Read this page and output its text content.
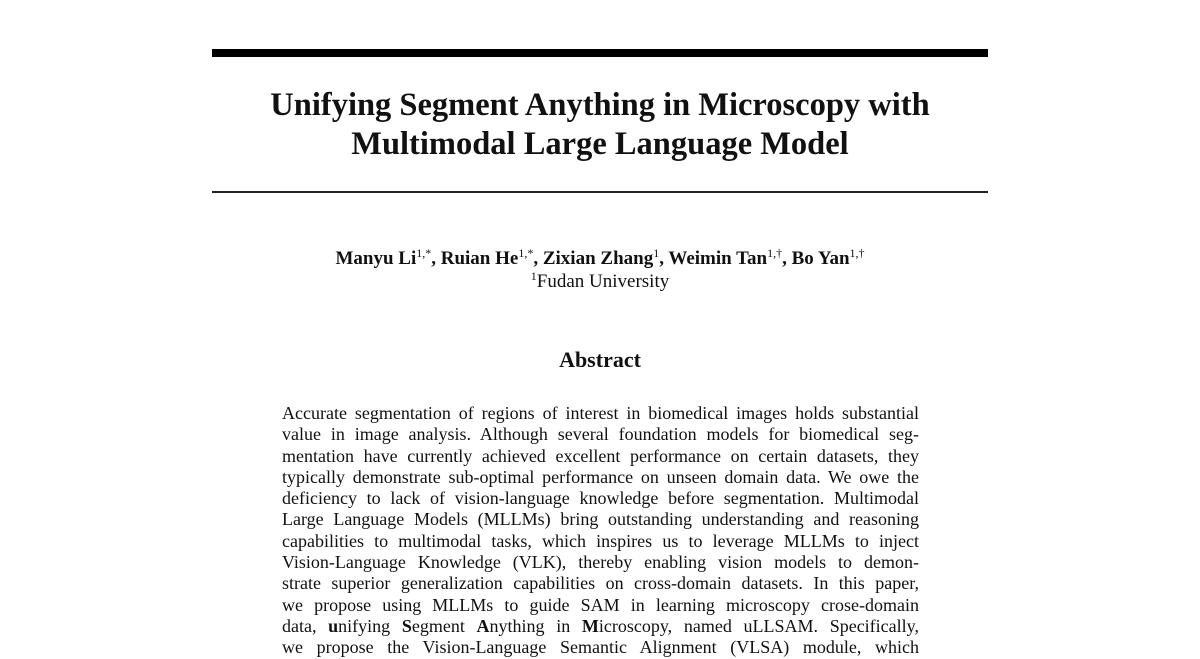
Unifying Segment Anything in Microscopy with
Multimodal Large Language Model
Manyu $Li^{1,*}$, Ruian $He^{1,*}$, Zixian Zhang$^1$, Weimin Tan$^{1,\dagger}$, Bo Yan$^{1,\dagger}$
$^1$Fudan University
Abstract
Accurate segmentation of regions of interest in biomedical images holds substantial
value in image analysis. Although several foundation models for biomedical seg-
mentation have currently achieved excellent performance on certain datasets, they
typically demonstrate sub-optimal performance on unseen domain data. We owe the
deficiency to lack of vision-language knowledge before segmentation. Multimodal
Large Language Models (MLLMs) bring outstanding understanding and reasoning
capabilities to multimodal tasks, which inspires us to leverage MLLMs to inject
Vision-Language Knowledge (VLK), thereby enabling vision models to demon-
strate superior generalization capabilities on cross-domain datasets. In this paper,
we propose using MLLMs to guide SAM in learning microscopy crose-domain
data, unifying Segment Anything in Microscopy, named uLLSAM. Specifically,
we propose the Vision-Language Semantic Alignment (VLSA) module, which
